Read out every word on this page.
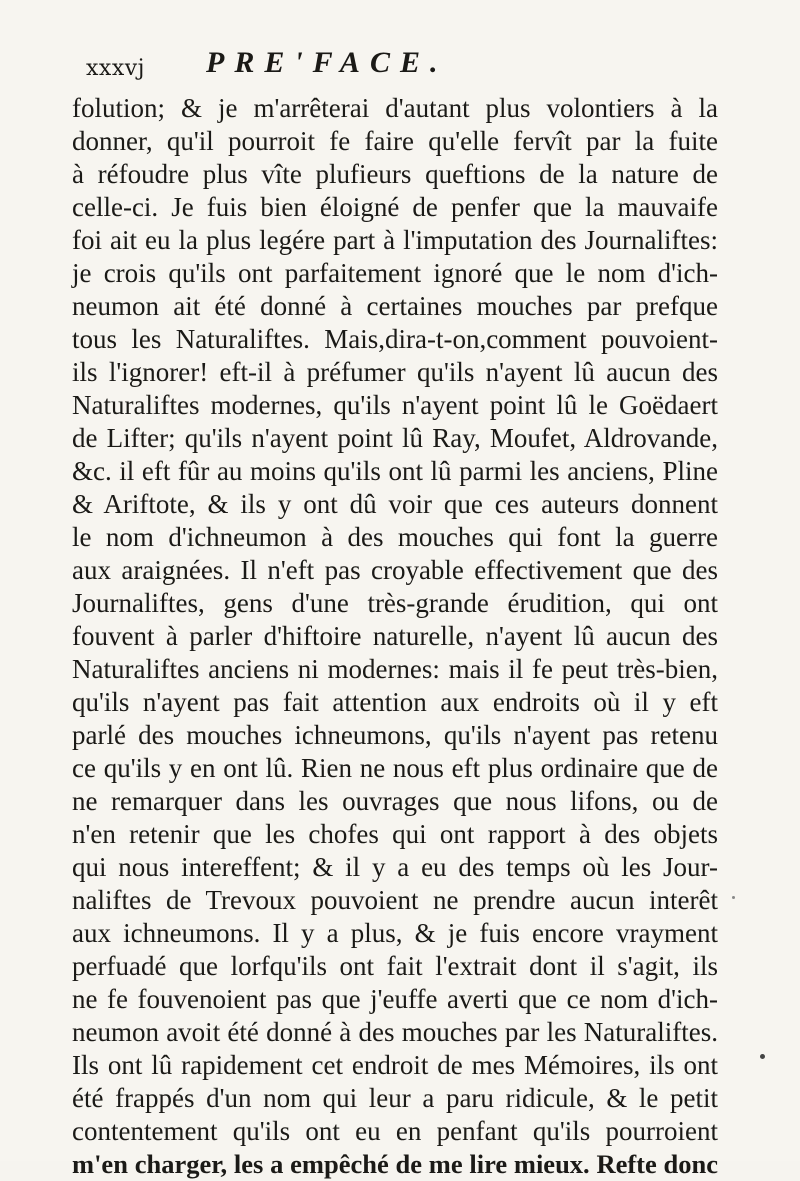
xxxvj PRE'FACE.
folution; & je m'arrêterai d'autant plus volontiers à la
donner, qu'il pourroit fe faire qu'elle fervît par la fuite
à réfoudre plus vîte plufieurs queftions de la nature de
celle-ci. Je fuis bien éloigné de penfer que la mauvaife
foi ait eu la plus legére part à l'imputation des Journaliftes:
je crois qu'ils ont parfaitement ignoré que le nom d'ich-
neumon ait été donné à certaines mouches par prefque
tous les Naturaliftes. Mais,dira-t-on,comment pouvoient-
ils l'ignorer! eft-il à préfumer qu'ils n'ayent lû aucun des
Naturaliftes modernes, qu'ils n'ayent point lû le Goëdaert
de Lifter; qu'ils n'ayent point lû Ray, Moufet, Aldrovande,
&c. il eft fûr au moins qu'ils ont lû parmi les anciens, Pline
& Ariftote, & ils y ont dû voir que ces auteurs donnent
le nom d'ichneumon à des mouches qui font la guerre
aux araignées. Il n'eft pas croyable effectivement que des
Journaliftes, gens d'une très-grande érudition, qui ont
fouvent à parler d'hiftoire naturelle, n'ayent lû aucun des
Naturaliftes anciens ni modernes: mais il fe peut très-bien,
qu'ils n'ayent pas fait attention aux endroits où il y eft
parlé des mouches ichneumons, qu'ils n'ayent pas retenu
ce qu'ils y en ont lû. Rien ne nous eft plus ordinaire que de
ne remarquer dans les ouvrages que nous lifons, ou de
n'en retenir que les chofes qui ont rapport à des objets
qui nous intereffent; & il y a eu des temps où les Jour-
naliftes de Trevoux pouvoient ne prendre aucun interêt
aux ichneumons. Il y a plus, & je fuis encore vrayment
perfuadé que lorfqu'ils ont fait l'extrait dont il s'agit, ils
ne fe fouvenoient pas que j'euffe averti que ce nom d'ich-
neumon avoit été donné à des mouches par les Naturaliftes.
Ils ont lû rapidement cet endroit de mes Mémoires, ils ont
été frappés d'un nom qui leur a paru ridicule, & le petit
contentement qu'ils ont eu en penfant qu'ils pourroient
m'en charger, les a empêché de me lire mieux. Refte donc
